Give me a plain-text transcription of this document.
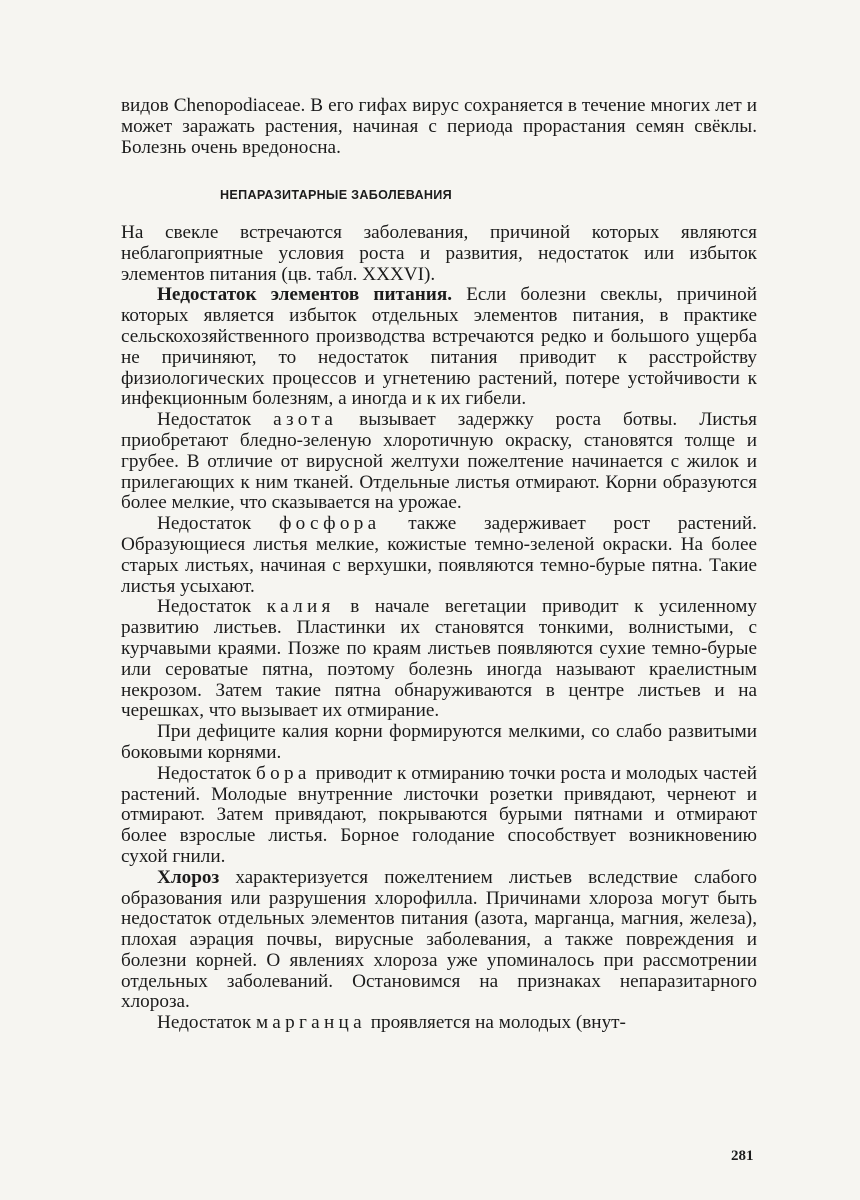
видов Chenopodiaceae. В его гифах вирус сохраняется в течение многих лет и может заражать растения, начиная с периода прорастания семян свёклы. Болезнь очень вредоносна.

НЕПАРАЗИТАРНЫЕ ЗАБОЛЕВАНИЯ

На свекле встречаются заболевания, причиной которых являются неблагоприятные условия роста и развития, недостаток или избыток элементов питания (цв. табл. XXXVI).

Недостаток элементов питания. Если болезни свеклы, причиной которых является избыток отдельных элементов питания, в практике сельскохозяйственного производства встречаются редко и большого ущерба не причиняют, то недостаток питания приводит к расстройству физиологических процессов и угнетению растений, потере устойчивости к инфекционным болезням, а иногда и к их гибели.

Недостаток азота вызывает задержку роста ботвы. Листья приобретают бледно-зеленую хлоротичную окраску, становятся толще и грубее. В отличие от вирусной желтухи пожелтение начинается с жилок и прилегающих к ним тканей. Отдельные листья отмирают. Корни образуются более мелкие, что сказывается на урожае.

Недостаток фосфора также задерживает рост растений. Образующиеся листья мелкие, кожистые темно-зеленой окраски. На более старых листьях, начиная с верхушки, появляются темно-бурые пятна. Такие листья усыхают.

Недостаток калия в начале вегетации приводит к усиленному развитию листьев. Пластинки их становятся тонкими, волнистыми, с курчавыми краями. Позже по краям листьев появляются сухие темно-бурые или сероватые пятна, поэтому болезнь иногда называют краелистным некрозом. Затем такие пятна обнаруживаются в центре листьев и на черешках, что вызывает их отмирание.

При дефиците калия корни формируются мелкими, со слабо развитыми боковыми корнями.

Недостаток бора приводит к отмиранию точки роста и молодых частей растений. Молодые внутренние листочки розетки привядают, чернеют и отмирают. Затем привядают, покрываются бурыми пятнами и отмирают более взрослые листья. Борное голодание способствует возникновению сухой гнили.

Хлороз характеризуется пожелтением листьев вследствие слабого образования или разрушения хлорофилла. Причинами хлороза могут быть недостаток отдельных элементов питания (азота, марганца, магния, железа), плохая аэрация почвы, вирусные заболевания, а также повреждения и болезни корней. О явлениях хлороза уже упоминалось при рассмотрении отдельных заболеваний. Остановимся на признаках непаразитарного хлороза.

Недостаток марганца проявляется на молодых (внут-

281
